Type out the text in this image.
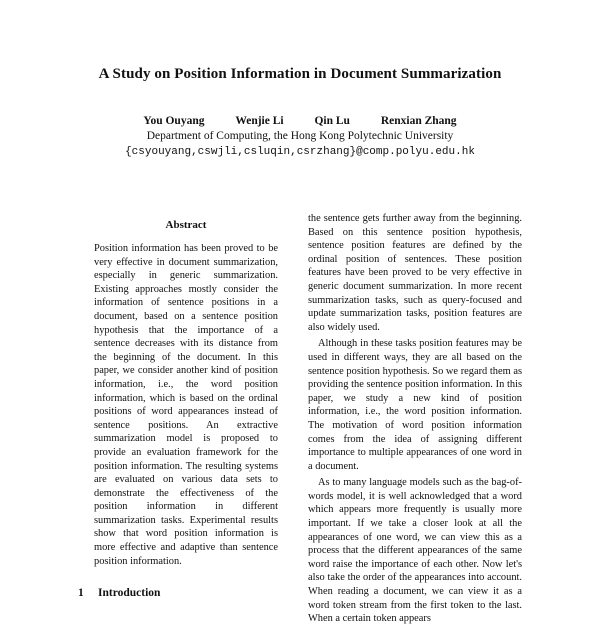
A Study on Position Information in Document Summarization
You Ouyang	Wenjie Li	Qin Lu	Renxian Zhang
Department of Computing, the Hong Kong Polytechnic University
{csyouyang,cswjli,csluqin,csrzhang}@comp.polyu.edu.hk
Abstract
Position information has been proved to be very effective in document summarization, especially in generic summarization. Existing approaches mostly consider the information of sentence positions in a document, based on a sentence position hypothesis that the importance of a sentence decreases with its distance from the beginning of the document. In this paper, we consider another kind of position information, i.e., the word position information, which is based on the ordinal positions of word appearances instead of sentence positions. An extractive summarization model is proposed to provide an evaluation framework for the position information. The resulting systems are evaluated on various data sets to demonstrate the effectiveness of the position information in different summarization tasks. Experimental results show that word position information is more effective and adaptive than sentence position information.

the sentence gets further away from the beginning. Based on this sentence position hypothesis, sentence position features are defined by the ordinal position of sentences. These position features have been proved to be very effective in generic document summarization. In more recent summarization tasks, such as query-focused and update summarization tasks, position features are also widely used.

Although in these tasks position features may be used in different ways, they are all based on the sentence position hypothesis. So we regard them as providing the sentence position information. In this paper, we study a new kind of position information, i.e., the word position information. The motivation of word position information comes from the idea of assigning different importance to multiple appearances of one word in a document.

As to many language models such as the bag-of-words model, it is well acknowledged that a word which appears more frequently is usually more important. If we take a closer look at all the appearances of one word, we can view this as a process that the different appearances of the same word raise the importance of each other. Now let's also take the order of the appearances into account. When reading a document, we can view it as a word token stream from the first token to the last. When a certain token appears

1 Introduction
